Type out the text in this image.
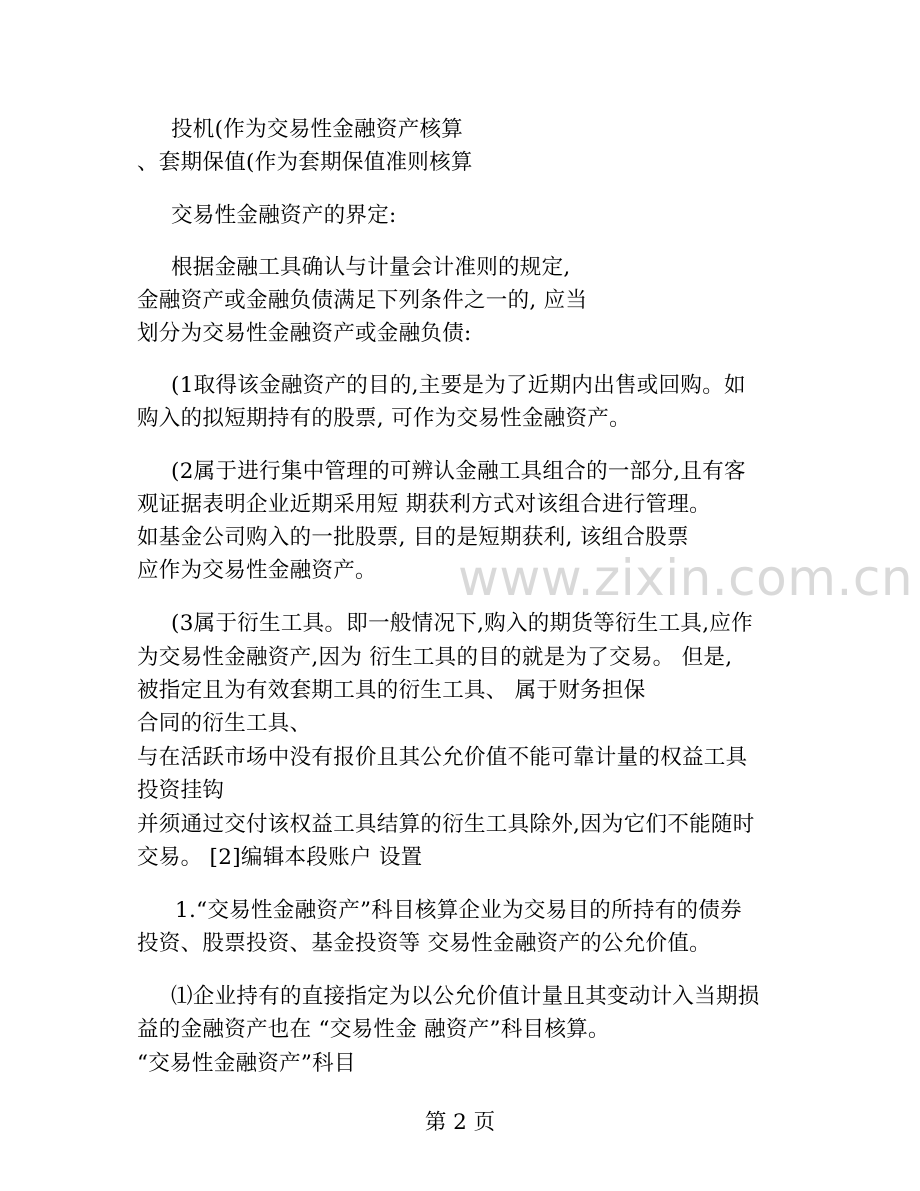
投机(作为交易性金融资产核算
、套期保值(作为套期保值准则核算
交易性金融资产的界定:
根据金融工具确认与计量会计准则的规定,
金融资产或金融负债满足下列条件之一的, 应当
划分为交易性金融资产或金融负债:
(1取得该金融资产的目的,主要是为了近期内出售或回购。如
购入的拟短期持有的股票, 可作为交易性金融资产。
(2属于进行集中管理的可辨认金融工具组合的一部分,且有客
观证据表明企业近期采用短 期获利方式对该组合进行管理。
如基金公司购入的一批股票, 目的是短期获利, 该组合股票
应作为交易性金融资产。
(3属于衍生工具。即一般情况下,购入的期货等衍生工具,应作
为交易性金融资产,因为 衍生工具的目的就是为了交易。 但是,
被指定且为有效套期工具的衍生工具、 属于财务担保
合同的衍生工具、
与在活跃市场中没有报价且其公允价值不能可靠计量的权益工具
投资挂钩
并须通过交付该权益工具结算的衍生工具除外,因为它们不能随时
交易。 [2]编辑本段账户 设置
1.“交易性金融资产”科目核算企业为交易目的所持有的债券
投资、股票投资、基金投资等 交易性金融资产的公允价值。
⑴企业持有的直接指定为以公允价值计量且其变动计入当期损
益的金融资产也在 “交易性金 融资产”科目核算。
“交易性金融资产”科目
www.zixin.com.cn
第 2 页
